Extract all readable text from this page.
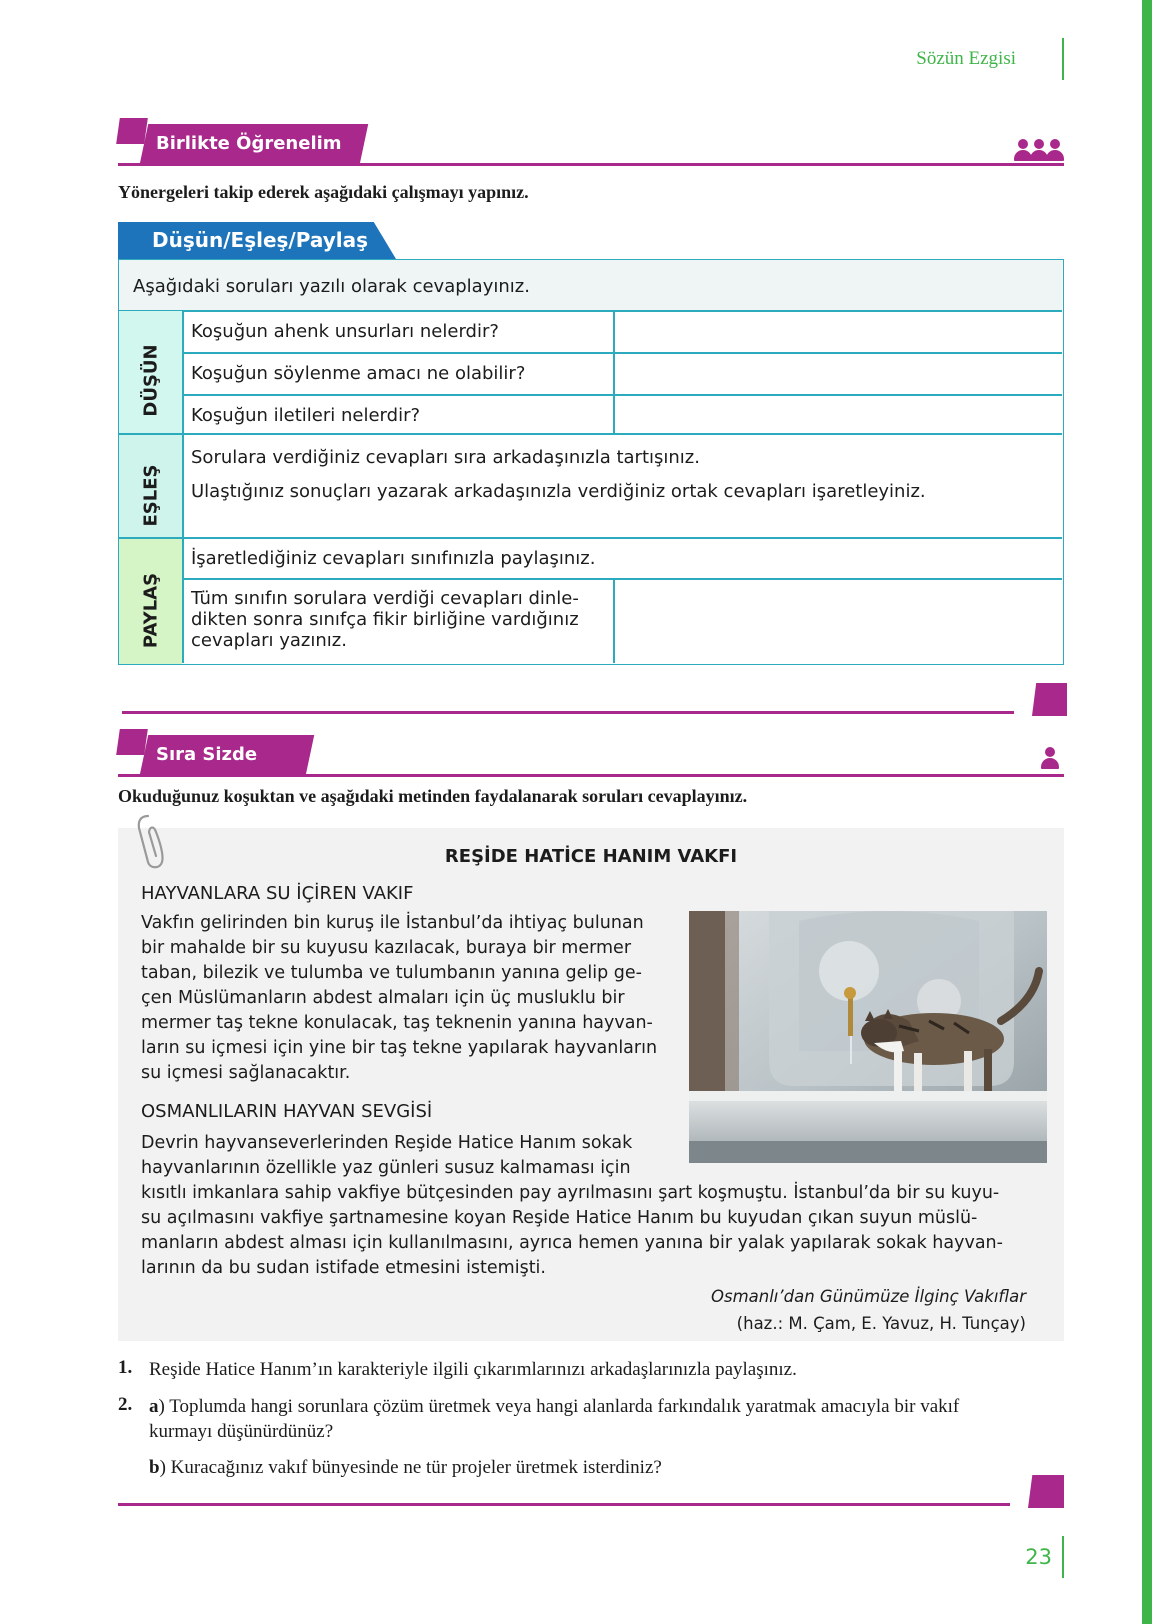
Sözün Ezgisi
Birlikte Öğrenelim
Yönergeleri takip ederek aşağıdaki çalışmayı yapınız.
Düşün/Eşleş/Paylaş
Aşağıdaki soruları yazılı olarak cevaplayınız.
DÜŞÜN
EŞLEŞ
PAYLAŞ
Koşuğun ahenk unsurları nelerdir?
Koşuğun söylenme amacı ne olabilir?
Koşuğun iletileri nelerdir?
Sorulara verdiğiniz cevapları sıra arkadaşınızla tartışınız.
Ulaştığınız sonuçları yazarak arkadaşınızla verdiğiniz ortak cevapları işaretleyiniz.
İşaretlediğiniz cevapları sınıfınızla paylaşınız.
Tüm sınıfın sorulara verdiği cevapları dinle-
dikten sonra sınıfça fikir birliğine vardığınız
cevapları yazınız.
Sıra Sizde
Okuduğunuz koşuktan ve aşağıdaki metinden faydalanarak soruları cevaplayınız.
REŞİDE HATİCE HANIM VAKFI
HAYVANLARA SU İÇİREN VAKIF
Vakfın gelirinden bin kuruş ile İstanbul’da ihtiyaç bulunan
bir mahalde bir su kuyusu kazılacak, buraya bir mermer
taban, bilezik ve tulumba ve tulumbanın yanına gelip ge-
çen Müslümanların abdest almaları için üç musluklu bir
mermer taş tekne konulacak, taş teknenin yanına hayvan-
ların su içmesi için yine bir taş tekne yapılarak hayvanların
su içmesi sağlanacaktır.
OSMANLILARIN HAYVAN SEVGİSİ
Devrin hayvanseverlerinden Reşide Hatice Hanım sokak
hayvanlarının özellikle yaz günleri susuz kalmaması için
kısıtlı imkanlara sahip vakfiye bütçesinden pay ayrılmasını şart koşmuştu. İstanbul’da bir su kuyu-
su açılmasını vakfiye şartnamesine koyan Reşide Hatice Hanım bu kuyudan çıkan suyun müslü-
manların abdest alması için kullanılmasını, ayrıca hemen yanına bir yalak yapılarak sokak hayvan-
larının da bu sudan istifade etmesini istemişti.
Osmanlı’dan Günümüze İlginç Vakıflar
(haz.: M. Çam, E. Yavuz, H. Tunçay)
1. Reşide Hatice Hanım’ın karakteriyle ilgili çıkarımlarınızı arkadaşlarınızla paylaşınız.
2. a) Toplumda hangi sorunlara çözüm üretmek veya hangi alanlarda farkındalık yaratmak amacıyla bir vakıf
kurmayı düşünürdünüz?
b) Kuracağınız vakıf bünyesinde ne tür projeler üretmek isterdiniz?
23
